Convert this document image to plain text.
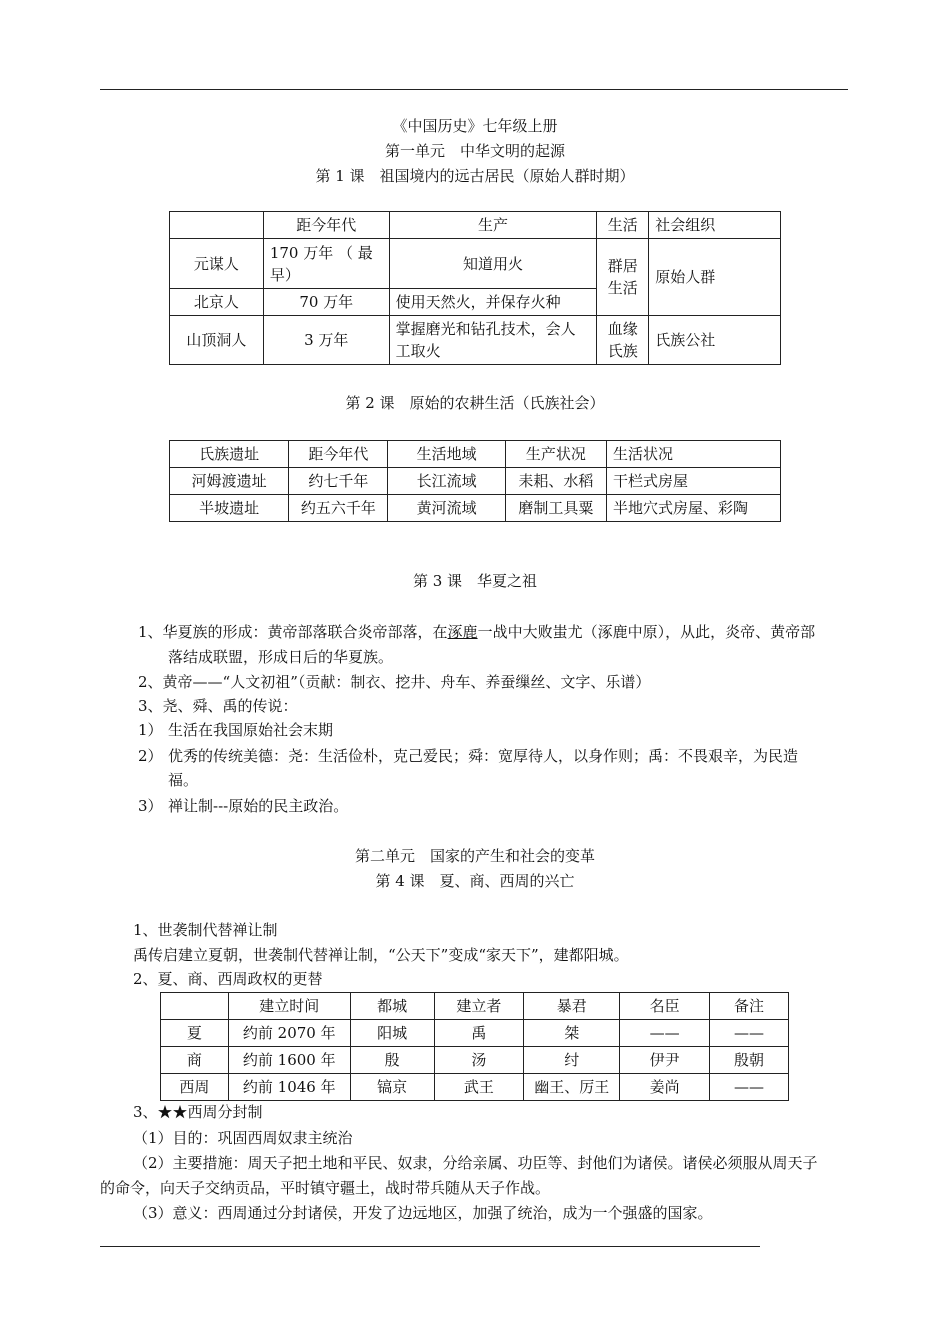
《中国历史》七年级上册
第一单元　中华文明的起源
第 1 课　祖国境内的远古居民（原始人群时期）
	距今年代	生产	生活	社会组织
元谋人	170 万年 （ 最早）	知道用火	群居生活	原始人群
北京人	70 万年	使用天然火，并保存火种		
山顶洞人	3 万年	掌握磨光和钻孔技术，会人工取火	血缘氏族	氏族公社
第 2 课　原始的农耕生活（氏族社会）
氏族遗址	距今年代	生活地域	生产状况	生活状况
河姆渡遗址	约七千年	长江流域	耒耜、水稻	干栏式房屋
半坡遗址	约五六千年	黄河流域	磨制工具粟	半地穴式房屋、彩陶
第 3 课　华夏之祖
1、华夏族的形成：黄帝部落联合炎帝部落，在涿鹿一战中大败蚩尤（涿鹿中原），从此，炎帝、黄帝部
落结成联盟，形成日后的华夏族。
2、黄帝——“人文初祖”（贡献：制衣、挖井、舟车、养蚕缫丝、文字、乐谱）
3、尧、舜、禹的传说：
1） 生活在我国原始社会末期
2） 优秀的传统美德：尧：生活俭朴，克己爱民；舜：宽厚待人，以身作则；禹：不畏艰辛，为民造
福。
3） 禅让制---原始的民主政治。
第二单元　国家的产生和社会的变革
第 4 课　夏、商、西周的兴亡
1、世袭制代替禅让制
禹传启建立夏朝，世袭制代替禅让制，“公天下”变成“家天下”，建都阳城。
2、夏、商、西周政权的更替
	建立时间	都城	建立者	暴君	名臣	备注
夏	约前 2070 年	阳城	禹	桀	——	——
商	约前 1600 年	殷	汤	纣	伊尹	殷朝
西周	约前 1046 年	镐京	武王	幽王、厉王	姜尚	——
3、★★西周分封制
（1）目的：巩固西周奴隶主统治
（2）主要措施：周天子把土地和平民、奴隶，分给亲属、功臣等、封他们为诸侯。诸侯必须服从周天子
的命令，向天子交纳贡品，平时镇守疆土，战时带兵随从天子作战。
（3）意义：西周通过分封诸侯，开发了边远地区，加强了统治，成为一个强盛的国家。
